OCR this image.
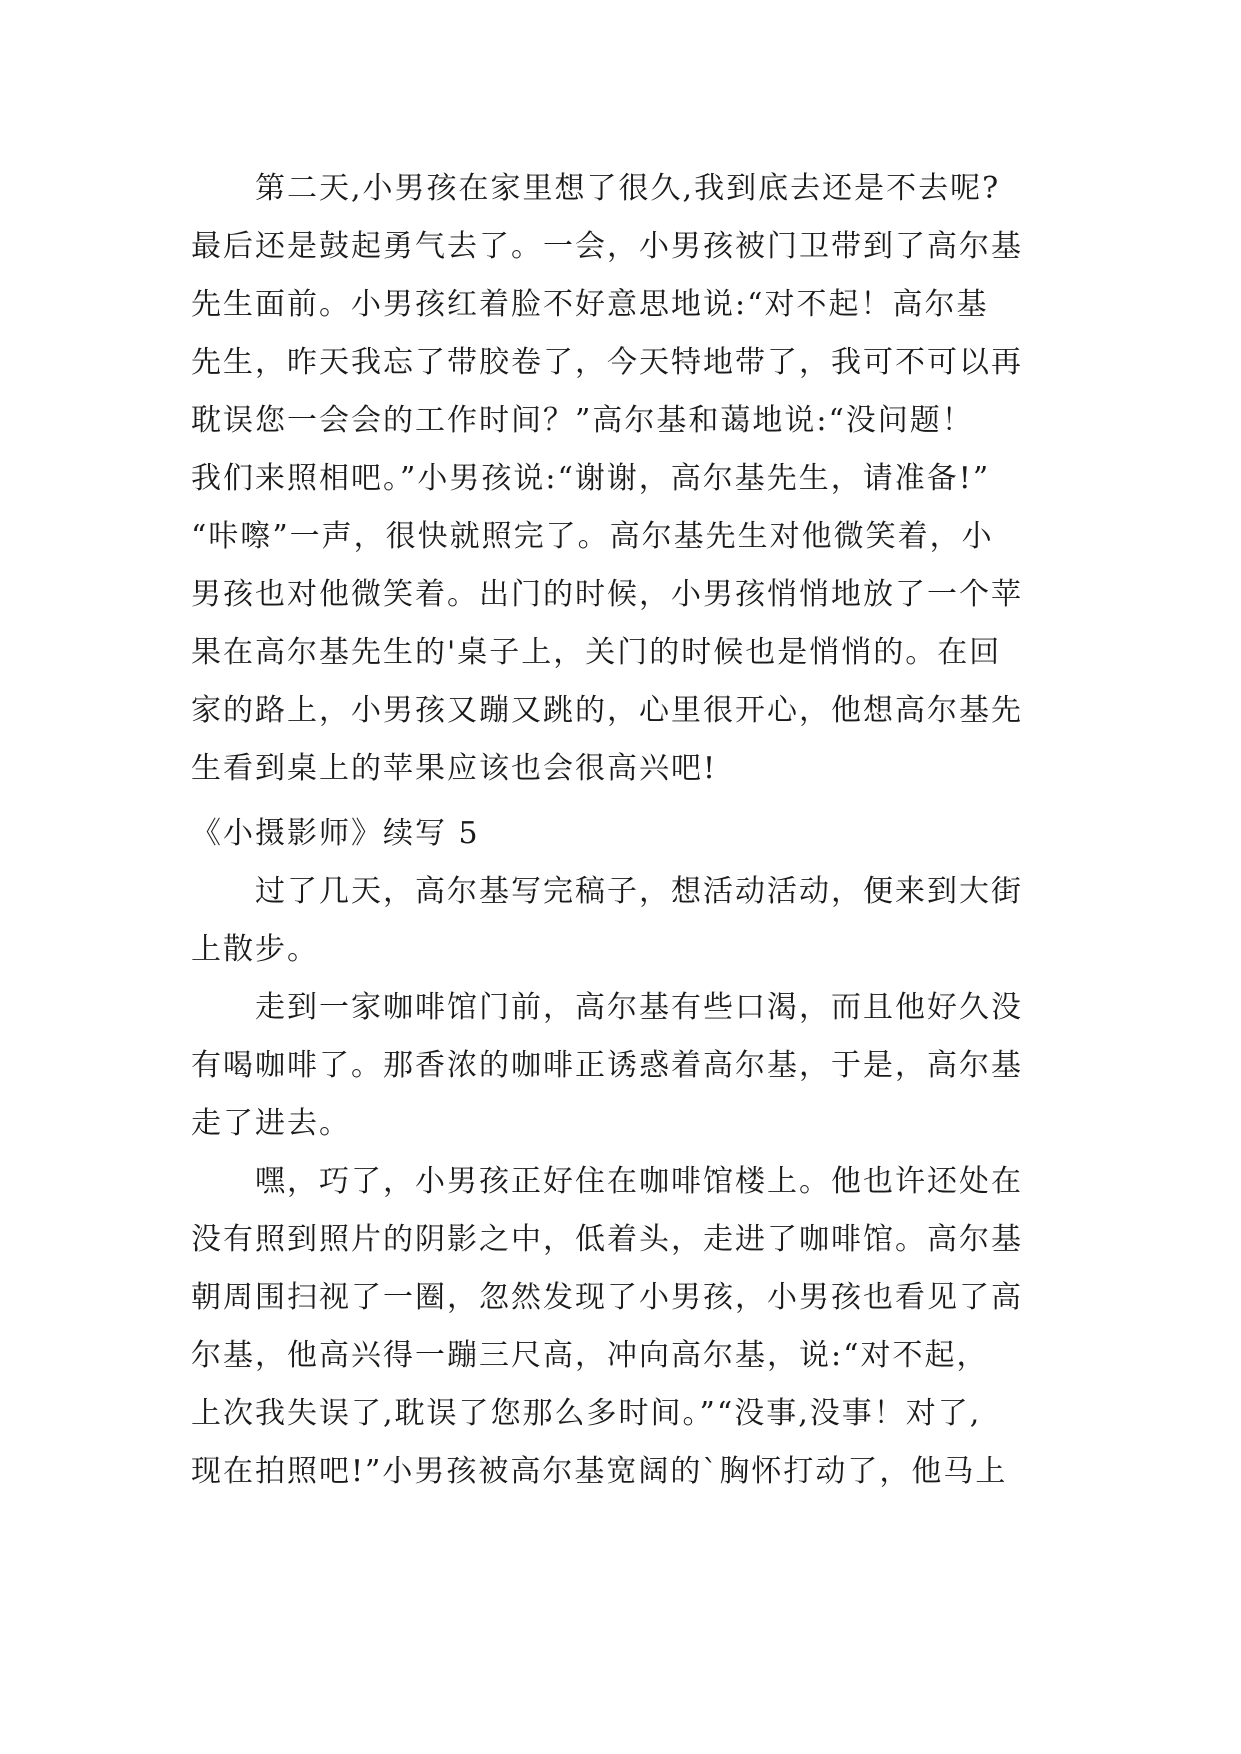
第二天,小男孩在家里想了很久,我到底去还是不去呢?
最后还是鼓起勇气去了。一会，小男孩被门卫带到了高尔基
先生面前。小男孩红着脸不好意思地说:“对不起！高尔基
先生，昨天我忘了带胶卷了，今天特地带了，我可不可以再
耽误您一会会的工作时间？”高尔基和蔼地说:“没问题！
我们来照相吧。”小男孩说:“谢谢，高尔基先生，请准备!”
“咔嚓”一声，很快就照完了。高尔基先生对他微笑着，小
男孩也对他微笑着。出门的时候，小男孩悄悄地放了一个苹
果在高尔基先生的'桌子上，关门的时候也是悄悄的。在回
家的路上，小男孩又蹦又跳的，心里很开心，他想高尔基先
生看到桌上的苹果应该也会很高兴吧!
《小摄影师》续写 5
过了几天，高尔基写完稿子，想活动活动，便来到大街
上散步。
走到一家咖啡馆门前，高尔基有些口渴，而且他好久没
有喝咖啡了。那香浓的咖啡正诱惑着高尔基，于是，高尔基
走了进去。
嘿，巧了，小男孩正好住在咖啡馆楼上。他也许还处在
没有照到照片的阴影之中，低着头，走进了咖啡馆。高尔基
朝周围扫视了一圈，忽然发现了小男孩，小男孩也看见了高
尔基，他高兴得一蹦三尺高，冲向高尔基，说:“对不起，
上次我失误了,耽误了您那么多时间。”“没事,没事！对了,
现在拍照吧!”小男孩被高尔基宽阔的`胸怀打动了，他马上
